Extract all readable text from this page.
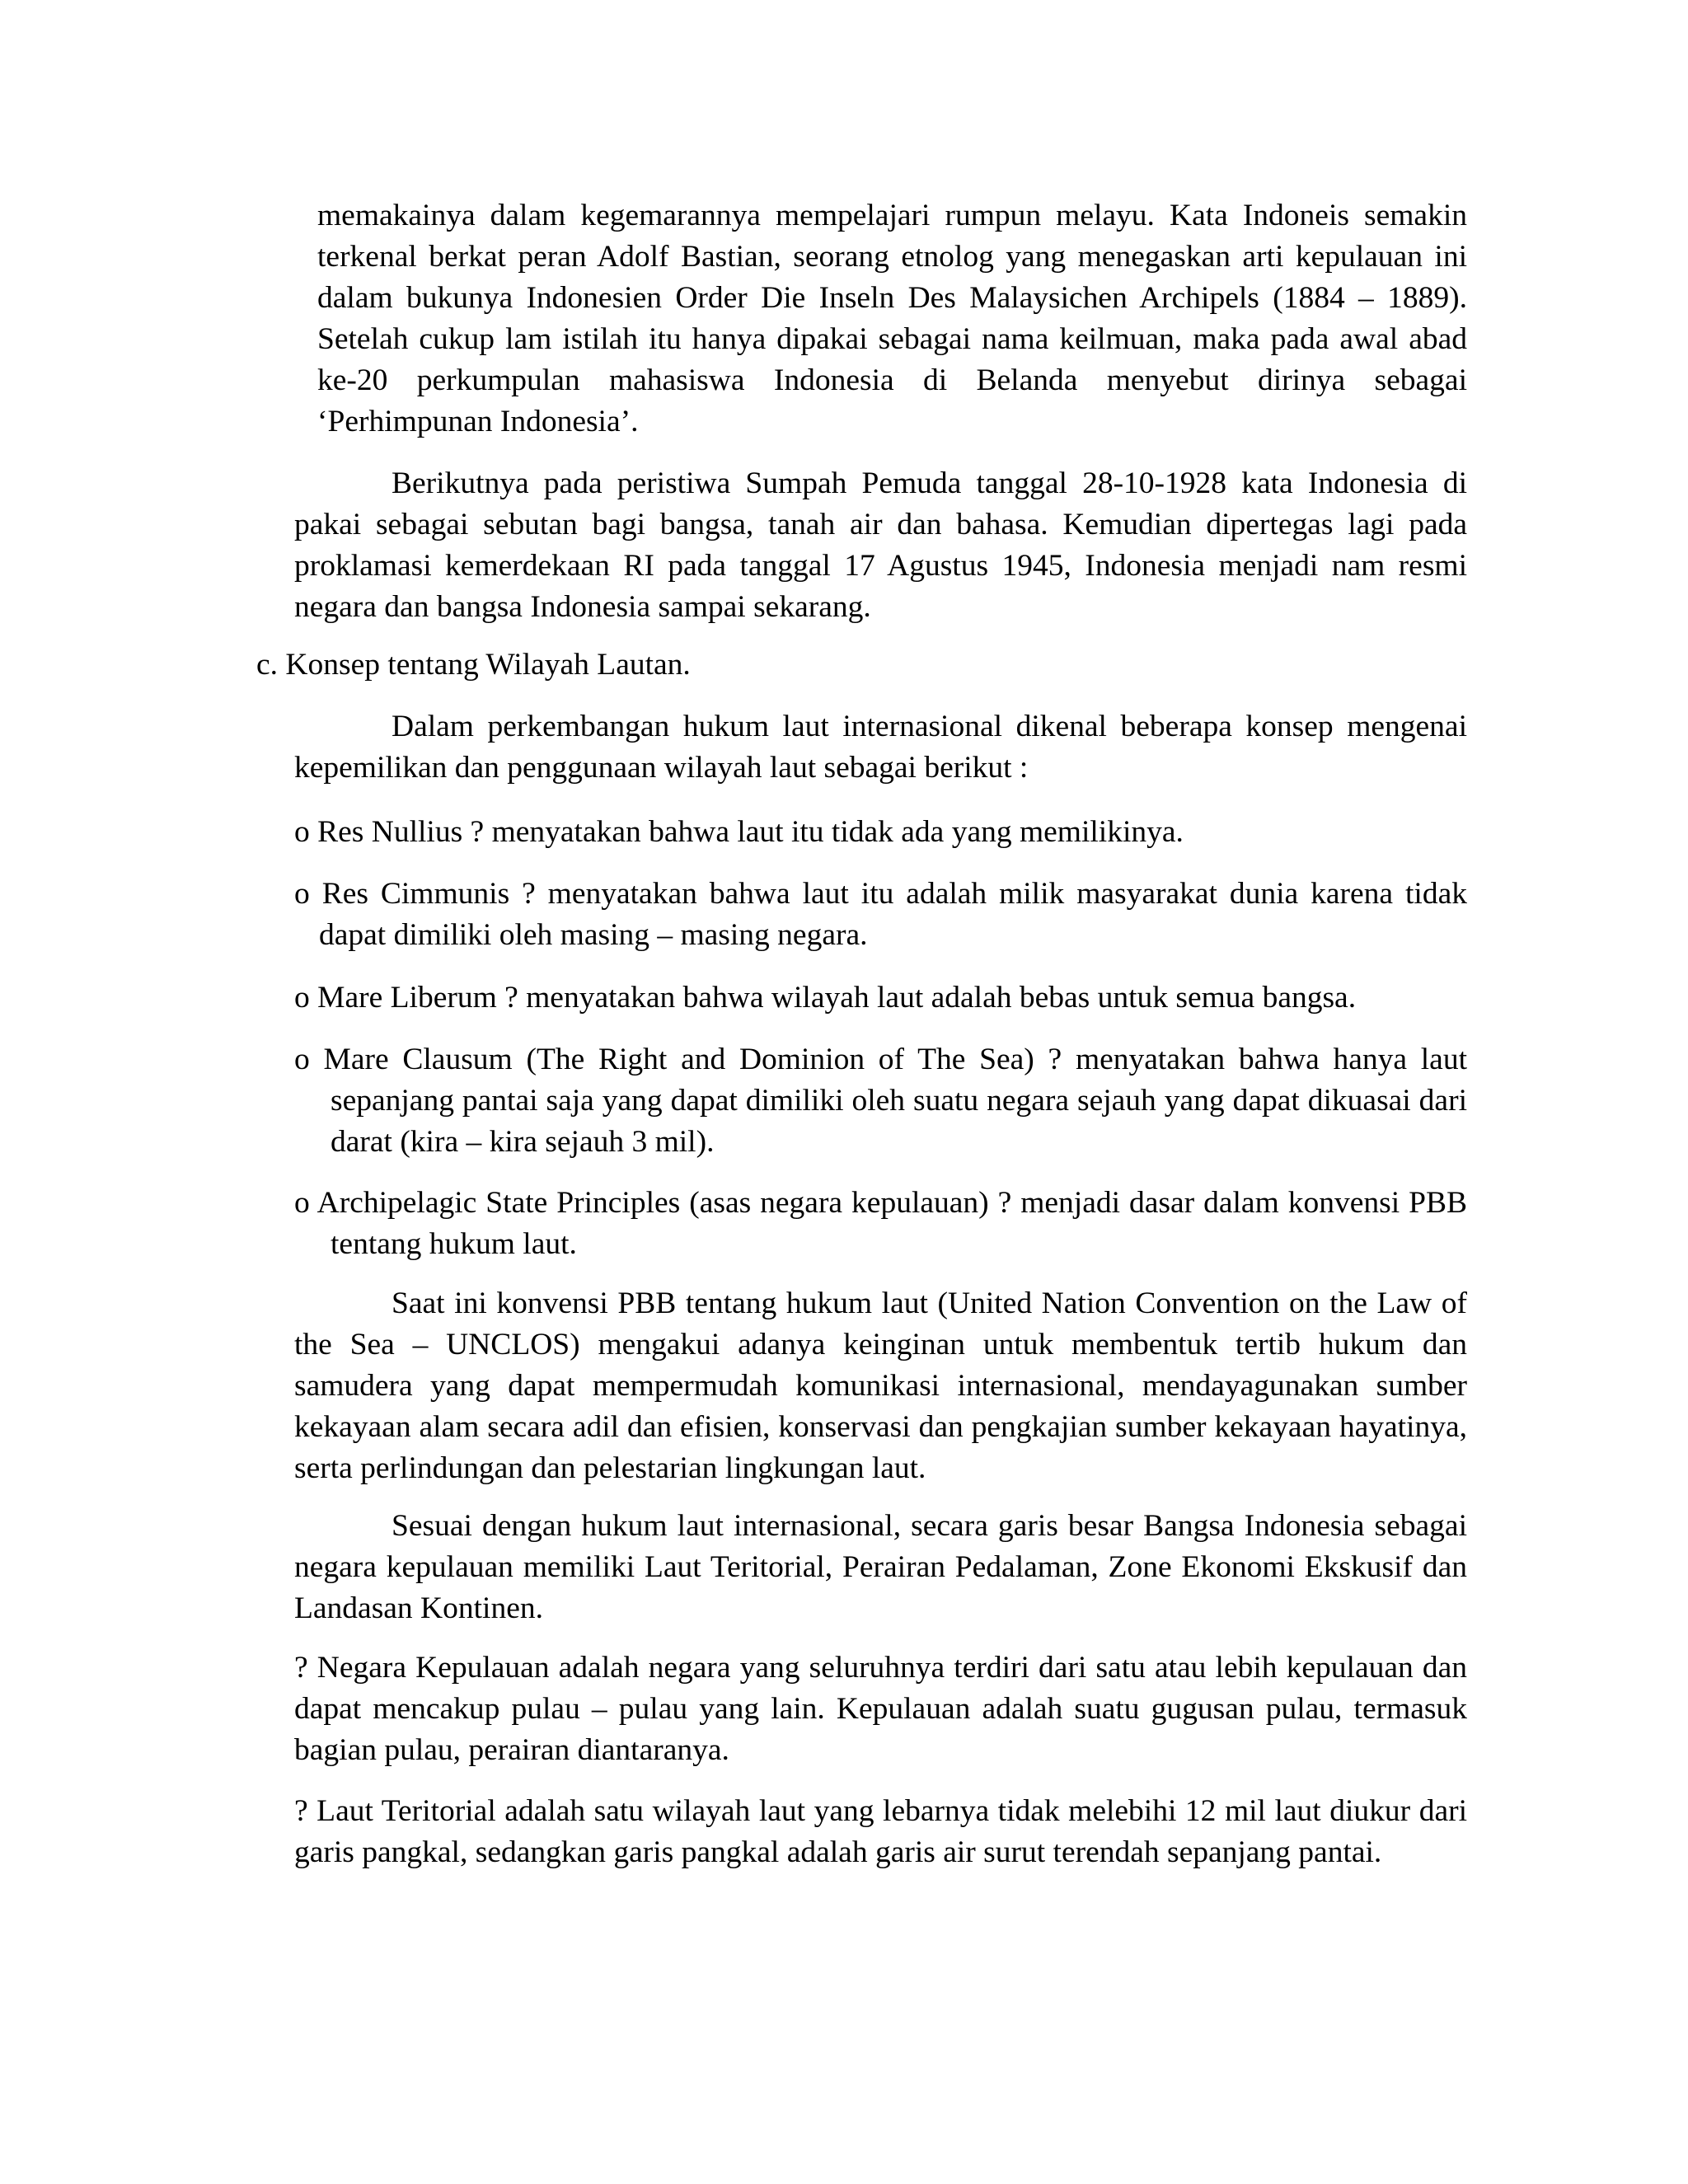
memakainya dalam kegemarannya mempelajari rumpun melayu. Kata Indoneis semakin terkenal berkat peran Adolf Bastian, seorang etnolog yang menegaskan arti kepulauan ini dalam bukunya Indonesien Order Die Inseln Des Malaysichen Archipels (1884 – 1889). Setelah cukup lam istilah itu hanya dipakai sebagai nama keilmuan, maka pada awal abad ke-20 perkumpulan mahasiswa Indonesia di Belanda menyebut dirinya sebagai ‘Perhimpunan Indonesia’.

Berikutnya pada peristiwa Sumpah Pemuda tanggal 28-10-1928 kata Indonesia di pakai sebagai sebutan bagi bangsa, tanah air dan bahasa. Kemudian dipertegas lagi pada proklamasi kemerdekaan RI pada tanggal 17 Agustus 1945, Indonesia menjadi nam resmi negara dan bangsa Indonesia sampai sekarang.

c. Konsep tentang Wilayah Lautan.

Dalam perkembangan hukum laut internasional dikenal beberapa konsep mengenai kepemilikan dan penggunaan wilayah laut sebagai berikut :

o Res Nullius ? menyatakan bahwa laut itu tidak ada yang memilikinya.

o Res Cimmunis ? menyatakan bahwa laut itu adalah milik masyarakat dunia karena tidak dapat dimiliki oleh masing – masing negara.

o Mare Liberum ? menyatakan bahwa wilayah laut adalah bebas untuk semua bangsa.

o Mare Clausum (The Right and Dominion of The Sea) ? menyatakan bahwa hanya laut sepanjang pantai saja yang dapat dimiliki oleh suatu negara sejauh yang dapat dikuasai dari darat (kira – kira sejauh 3 mil).

o Archipelagic State Principles (asas negara kepulauan) ? menjadi dasar dalam konvensi PBB tentang hukum laut.

Saat ini konvensi PBB tentang hukum laut (United Nation Convention on the Law of the Sea – UNCLOS) mengakui adanya keinginan untuk membentuk tertib hukum dan samudera yang dapat mempermudah komunikasi internasional, mendayagunakan sumber kekayaan alam secara adil dan efisien, konservasi dan pengkajian sumber kekayaan hayatinya, serta perlindungan dan pelestarian lingkungan laut.

Sesuai dengan hukum laut internasional, secara garis besar Bangsa Indonesia sebagai negara kepulauan memiliki Laut Teritorial, Perairan Pedalaman, Zone Ekonomi Ekskusif dan Landasan Kontinen.

? Negara Kepulauan adalah negara yang seluruhnya terdiri dari satu atau lebih kepulauan dan dapat mencakup pulau – pulau yang lain. Kepulauan adalah suatu gugusan pulau, termasuk bagian pulau, perairan diantaranya.

? Laut Teritorial adalah satu wilayah laut yang lebarnya tidak melebihi 12 mil laut diukur dari garis pangkal, sedangkan garis pangkal adalah garis air surut terendah sepanjang pantai.
